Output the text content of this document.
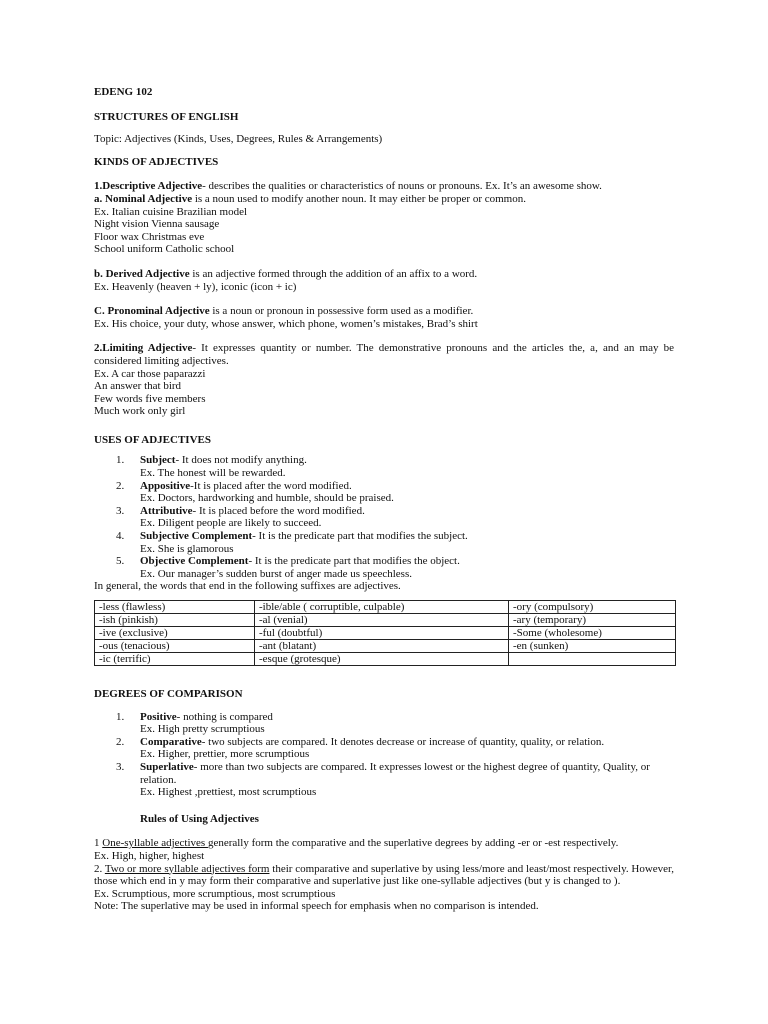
EDENG 102

STRUCTURES OF ENGLISH

Topic: Adjectives (Kinds, Uses, Degrees, Rules & Arrangements)

KINDS OF ADJECTIVES

1.Descriptive Adjective- describes the qualities or characteristics of nouns or pronouns. Ex. It’s an awesome show.

a. Nominal Adjective is a noun used to modify another noun. It may either be proper or common.

Ex. Italian cuisine Brazilian model

Night vision Vienna sausage

Floor wax Christmas eve

School uniform Catholic school

b. Derived Adjective is an adjective formed through the addition of an affix to a word.

Ex. Heavenly (heaven + ly), iconic (icon + ic)

C. Pronominal Adjective is a noun or pronoun in possessive form used as a modifier.

Ex. His choice, your duty, whose answer, which phone, women’s mistakes, Brad’s shirt

2.Limiting Adjective- It expresses quantity or number. The demonstrative pronouns and the articles the, a, and an may be considered limiting adjectives.

Ex. A car those paparazzi

An answer that bird

Few words five members

Much work only girl

USES OF ADJECTIVES

1. Subject- It does not modify anything.
Ex. The honest will be rewarded.
2. Appositive-It is placed after the word modified.
Ex. Doctors, hardworking and humble, should be praised.
3. Attributive- It is placed before the word modified.
Ex. Diligent people are likely to succeed.
4. Subjective Complement- It is the predicate part that modifies the subject.
Ex. She is glamorous
5. Objective Complement- It is the predicate part that modifies the object.
Ex. Our manager’s sudden burst of anger made us speechless.

In general, the words that end in the following suffixes are adjectives.

-less (flawless)	-ible/able ( corruptible, culpable)	-ory (compulsory)
-ish (pinkish)	-al (venial)	-ary (temporary)
-ive (exclusive)	-ful (doubtful)	-Some (wholesome)
-ous (tenacious)	-ant (blatant)	-en (sunken)
-ic (terrific)	-esque (grotesque)	

DEGREES OF COMPARISON

1. Positive- nothing is compared
Ex. High pretty scrumptious
2. Comparative- two subjects are compared. It denotes decrease or increase of quantity, quality, or relation.
Ex. Higher, prettier, more scrumptious
3. Superlative- more than two subjects are compared. It expresses lowest or the highest degree of quantity, Quality, or relation.
Ex. Highest ,prettiest, most scrumptious

Rules of Using Adjectives

1 One-syllable adjectives generally form the comparative and the superlative degrees by adding -er or -est respectively.

Ex. High, higher, highest

2. Two or more syllable adjectives form their comparative and superlative by using less/more and least/most respectively. However, those which end in y may form their comparative and superlative just like one-syllable adjectives (but y is changed to ).

Ex. Scrumptious, more scrumptious, most scrumptious

Note: The superlative may be used in informal speech for emphasis when no comparison is intended.
